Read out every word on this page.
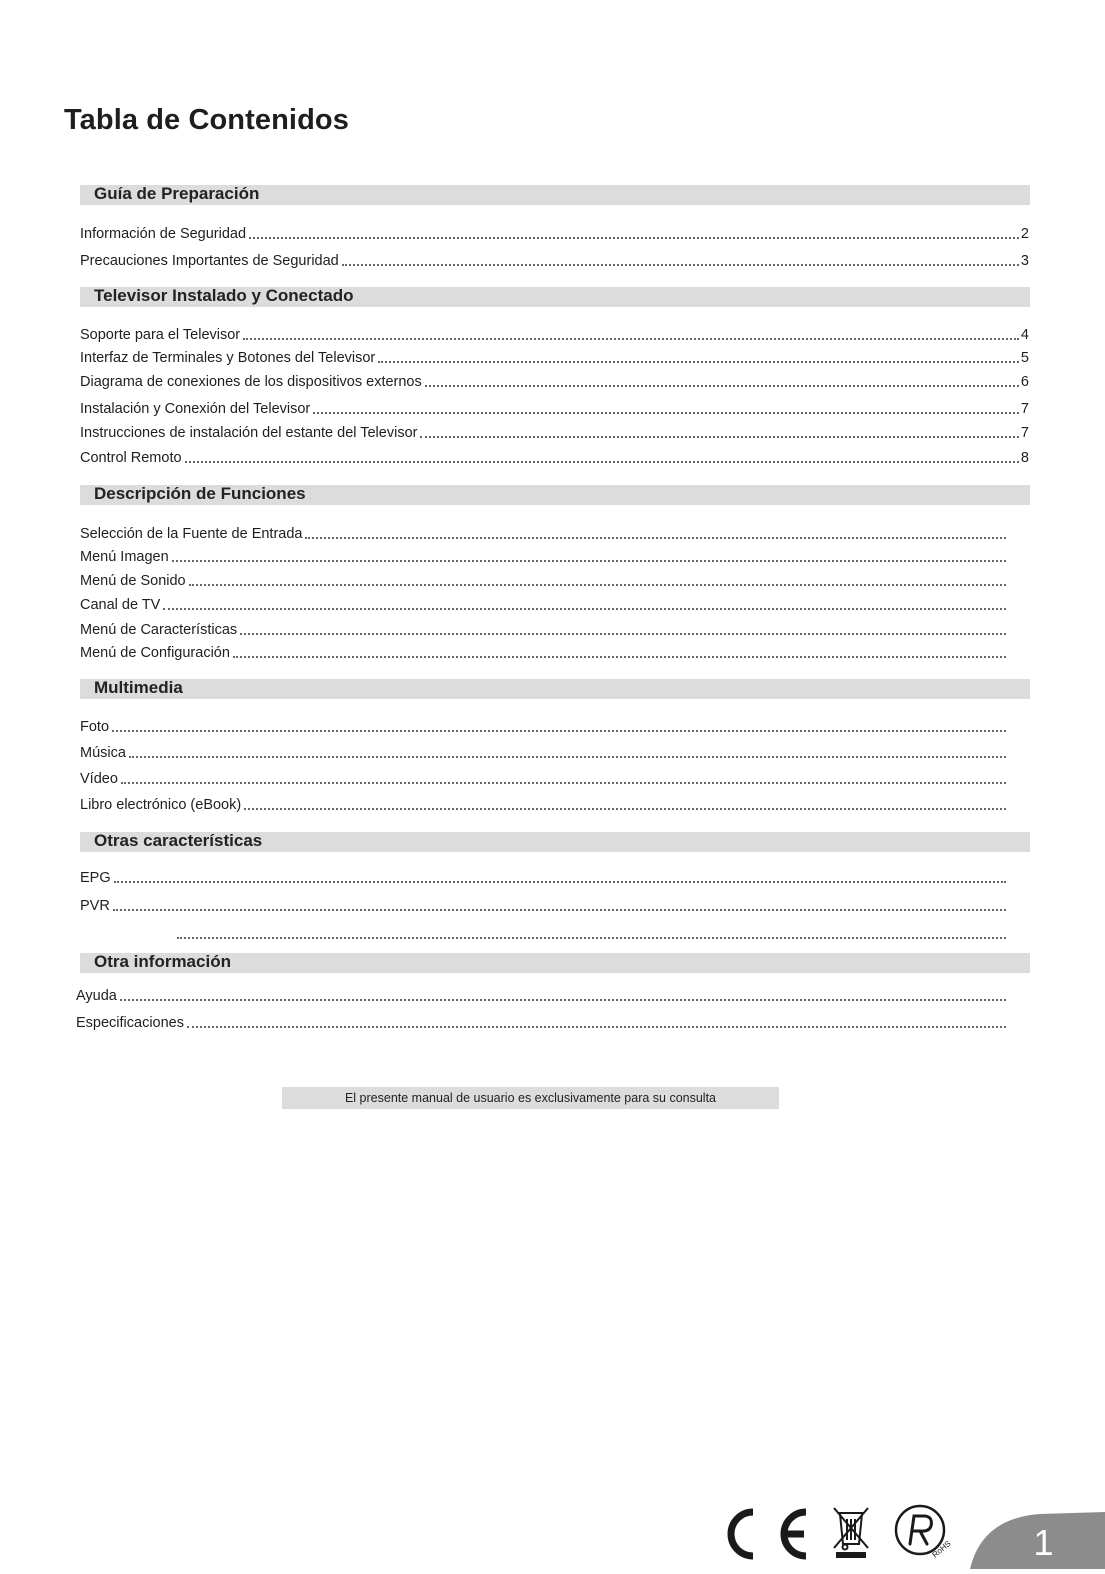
Tabla de Contenidos
Guía de Preparación
Información de Seguridad	2
Precauciones Importantes de Seguridad	3
Televisor Instalado y Conectado
Soporte para el Televisor	4
Interfaz de Terminales y Botones del Televisor	5
Diagrama de conexiones de los dispositivos externos	6
Instalación y Conexión del Televisor	7
Instrucciones de instalación del estante del Televisor	7
Control Remoto	8
Descripción de Funciones
Selección de la Fuente de Entrada
Menú Imagen
Menú de Sonido
Canal de TV
Menú de Características
Menú de Configuración
Multimedia
Foto
Música
Vídeo
Libro electrónico (eBook)
Otras características
EPG
PVR
Otra información
Ayuda
Especificaciones
El presente manual de usuario es exclusivamente para su consulta
RoHS	1
